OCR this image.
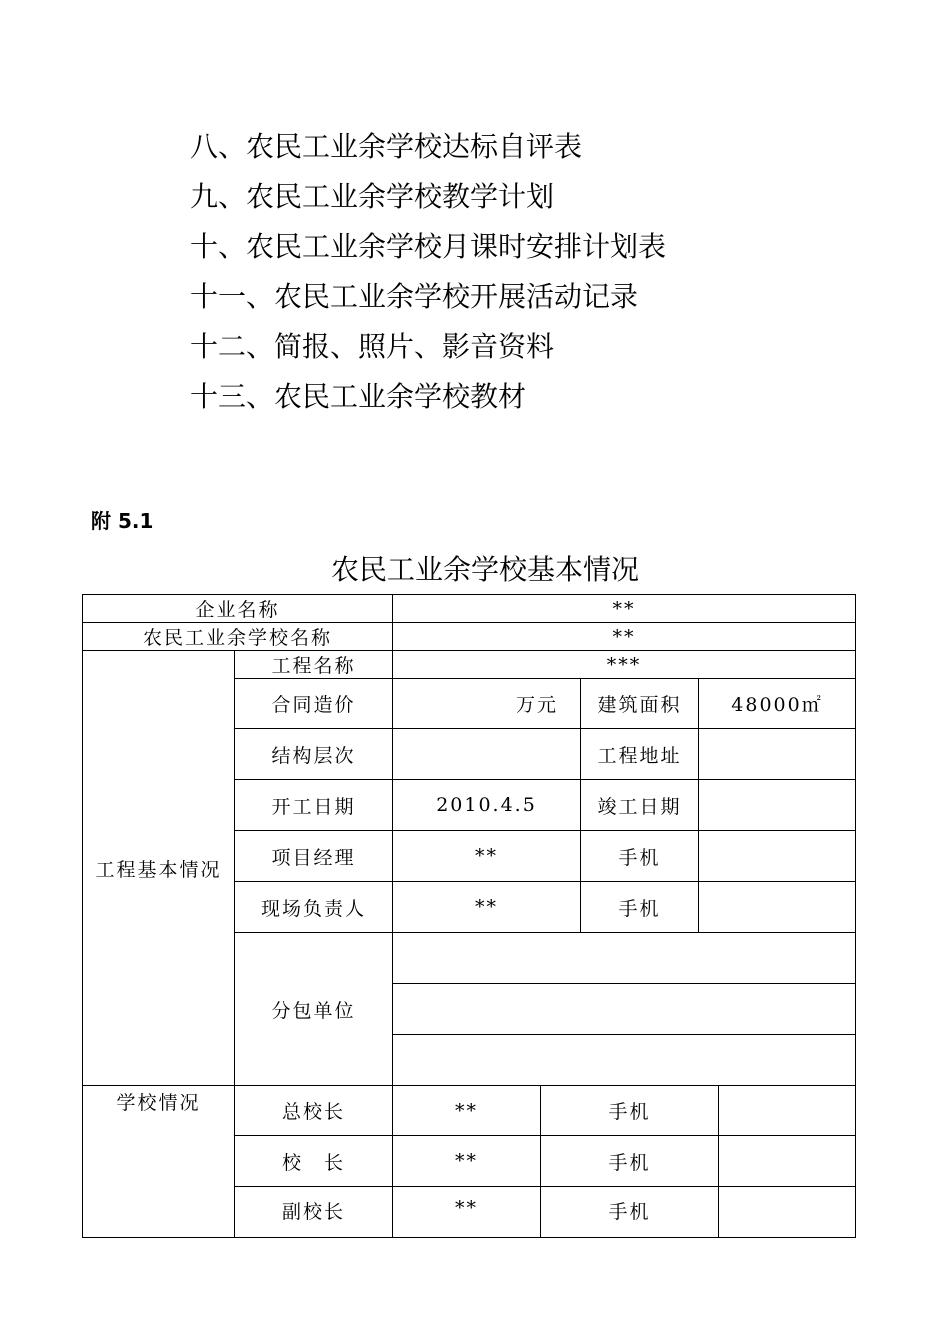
八、农民工业余学校达标自评表
九、农民工业余学校教学计划
十、农民工业余学校月课时安排计划表
十一、农民工业余学校开展活动记录
十二、简报、照片、影音资料
十三、农民工业余学校教材
附 5.1
农民工业余学校基本情况
企业名称		**				
农民工业余学校名称		**				
工程基本情况	工程名称	***				
	合同造价	万元		建筑面积	48000㎡	
	结构层次			工程地址		
	开工日期	2010.4.5		竣工日期		
	项目经理	**		手机		
	现场负责人	**		手机		
	分包单位					

学校情况	总校长	**	手机			
	校　长	**	手机			
	副校长	**	手机			
